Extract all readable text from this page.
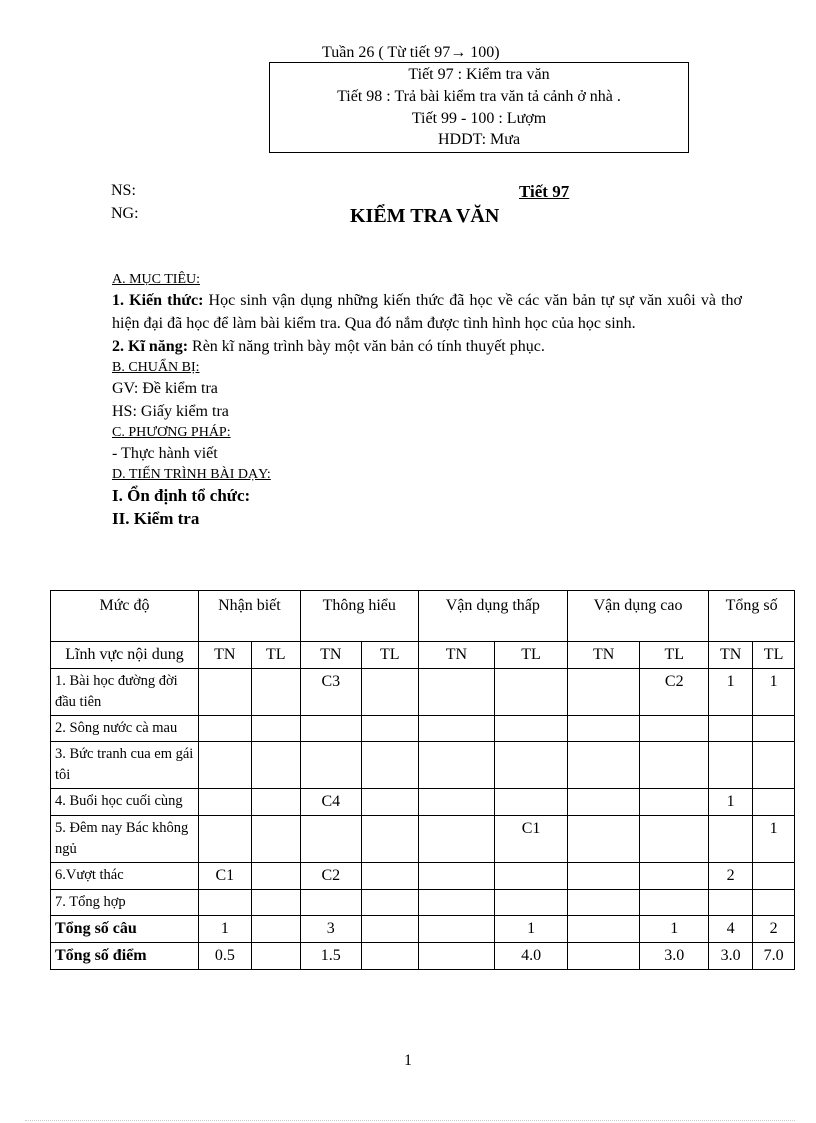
Tuần 26 ( Từ tiết 97→ 100)
Tiết 97 : Kiểm tra văn
Tiết 98 : Trả bài kiểm tra văn tả cảnh ở nhà .
Tiết 99 - 100 : Lượm
HDDT: Mưa
NS:
NG:
Tiết 97
KIỂM TRA VĂN
A. MỤC TIÊU:
1. Kiến thức: Học sinh vận dụng những kiến thức đã học về các văn bản tự sự văn xuôi và thơ hiện đại đã học để làm bài kiểm tra. Qua đó nắm được tình hình học của học sinh.
2. Kĩ năng: Rèn kĩ năng trình bày một văn bản có tính thuyết phục.
B. CHUẨN BỊ:
GV: Đề kiểm tra
HS: Giấy kiểm tra
C. PHƯƠNG PHÁP:
- Thực hành viết
D. TIẾN TRÌNH BÀI DẠY:
I. Ổn định tổ chức:
II. Kiểm tra
Mức độ	Nhận biết		Thông hiểu		Vận dụng thấp		Vận dụng cao		Tổng số	
Lĩnh vực nội dung	TN	TL	TN	TL	TN	TL	TN	TL	TN	TL
1. Bài học đường đời đầu tiên			C3					C2	1	1
2. Sông nước cà mau										
3. Bức tranh cua em gái tôi										
4. Buổi học cuối cùng			C4						1	
5. Đêm nay Bác không ngủ						C1				1
6.Vượt thác	C1		C2						2	
7. Tổng hợp										
Tổng số câu	1		3			1		1	4	2
Tổng số điểm	0.5		1.5			4.0		3.0	3.0	7.0
1
